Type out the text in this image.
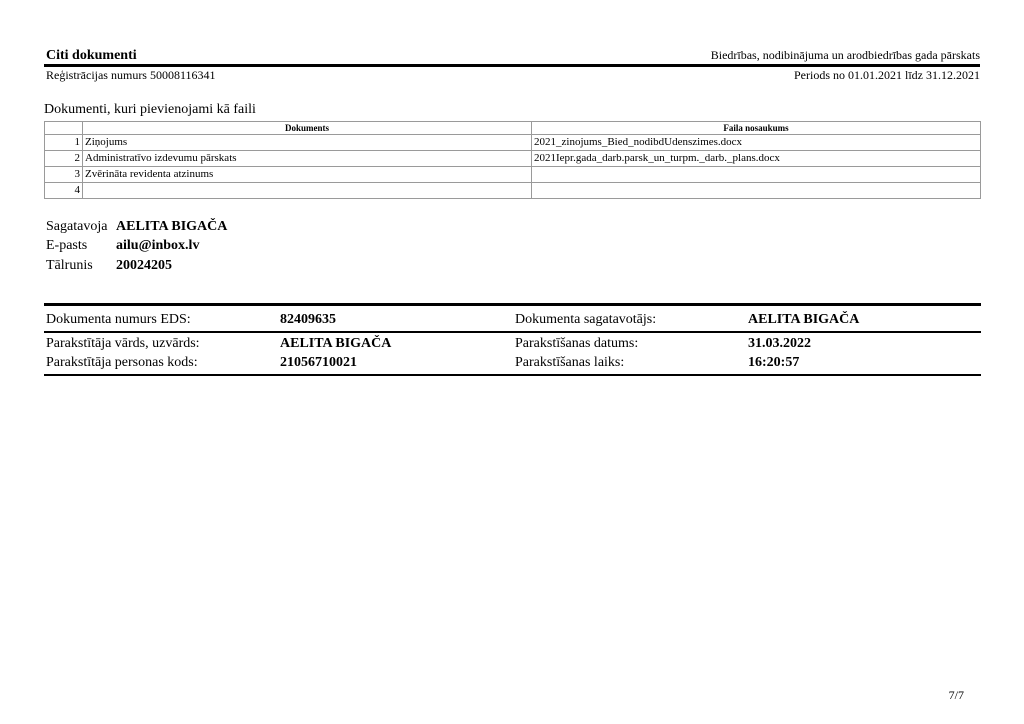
Citi dokumenti	Biedrības, nodibinājuma un arodbiedrības gada pārskats
Reģistrācijas numurs 50008116341	Periods no 01.01.2021 līdz 31.12.2021
Dokumenti, kuri pievienojami kā faili
	Dokuments	Faila nosaukums
1	Ziņojums	2021_zinojums_Bied_nodibdUdenszimes.docx
2	Administratīvo izdevumu pārskats	2021Iepr.gada_darb.parsk_un_turpm._darb._plans.docx
3	Zvērināta revidenta atzinums	
4		
Sagatavoja AELITA BIGAČA
E-pasts ailu@inbox.lv
Tālrunis 20024205
Dokumenta numurs EDS:	82409635	Dokumenta sagatavotājs:	AELITA BIGAČA
Parakstītāja vārds, uzvārds:	AELITA BIGAČA	Parakstīšanas datums:	31.03.2022
Parakstītāja personas kods:	21056710021	Parakstīšanas laiks:	16:20:57
7/7
